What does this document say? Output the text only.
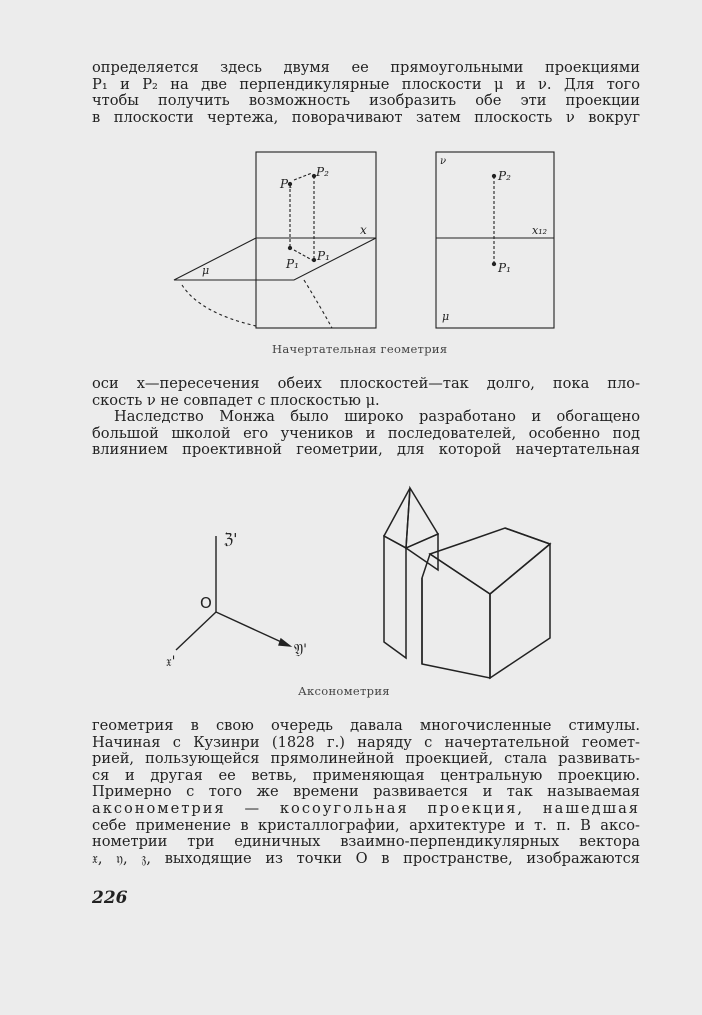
определяется здесь двумя ее прямоугольными проекциями
P₁ и P₂ на две перпендикулярные плоскости μ и ν. Для того
чтобы получить возможность изобразить обе эти проекции
в плоскости чертежа, поворачивают затем плоскость ν вокруг
P₁
P₂
P₁
P₁
x
μ
ν
P₂
P₁
x₁₂
μ
Начертательная геометрия
оси x—пересечения обеих плоскостей—так долго, пока пло-
скость ν не совпадет с плоскостью μ.
Наследство Монжа было широко разработано и обогащено
большой школой его учеников и последователей, особенно под
влиянием проективной геометрии, для которой начертательная
ℨ'
O
𝔵'
𝔜'
Аксонометрия
геометрия в свою очередь давала многочисленные стимулы.
Начиная с Кузинри (1828 г.) наряду с начертательной геомет-
рией, пользующейся прямолинейной проекцией, стала развивать-
ся и другая ее ветвь, применяющая центральную проекцию.
Примерно с того же времени развивается и так называемая
аксонометрия — косоугольная проекция, нашедшая
себе применение в кристаллографии, архитектуре и т. п. В аксо-
нометрии три единичных взаимно-перпендикулярных вектора
𝔵, 𝔶, 𝔷, выходящие из точки O в пространстве, изображаются
226
